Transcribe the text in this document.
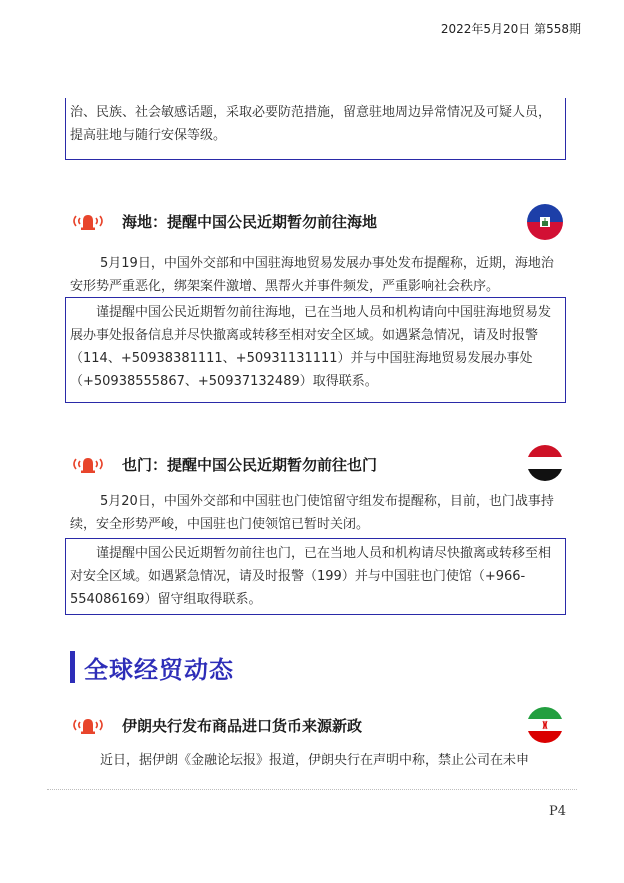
2022年5月20日 第558期

治、民族、社会敏感话题，采取必要防范措施，留意驻地周边异常情况及可疑人员，提高驻地与随行安保等级。

海地：提醒中国公民近期暂勿前往海地

5月19日，中国外交部和中国驻海地贸易发展办事处发布提醒称，近期，海地治安形势严重恶化，绑架案件激增、黑帮火并事件频发，严重影响社会秩序。

谨提醒中国公民近期暂勿前往海地，已在当地人员和机构请向中国驻海地贸易发展办事处报备信息并尽快撤离或转移至相对安全区域。如遇紧急情况，请及时报警（114、+50938381111、+50931131111）并与中国驻海地贸易发展办事处（+50938555867、+50937132489）取得联系。

也门：提醒中国公民近期暂勿前往也门

5月20日，中国外交部和中国驻也门使馆留守组发布提醒称，目前，也门战事持续，安全形势严峻，中国驻也门使领馆已暂时关闭。

谨提醒中国公民近期暂勿前往也门，已在当地人员和机构请尽快撤离或转移至相对安全区域。如遇紧急情况，请及时报警（199）并与中国驻也门使馆（+966-554086169）留守组取得联系。

全球经贸动态
伊朗央行发布商品进口货币来源新政

近日，据伊朗《金融论坛报》报道，伊朗央行在声明中称，禁止公司在未申

P4
